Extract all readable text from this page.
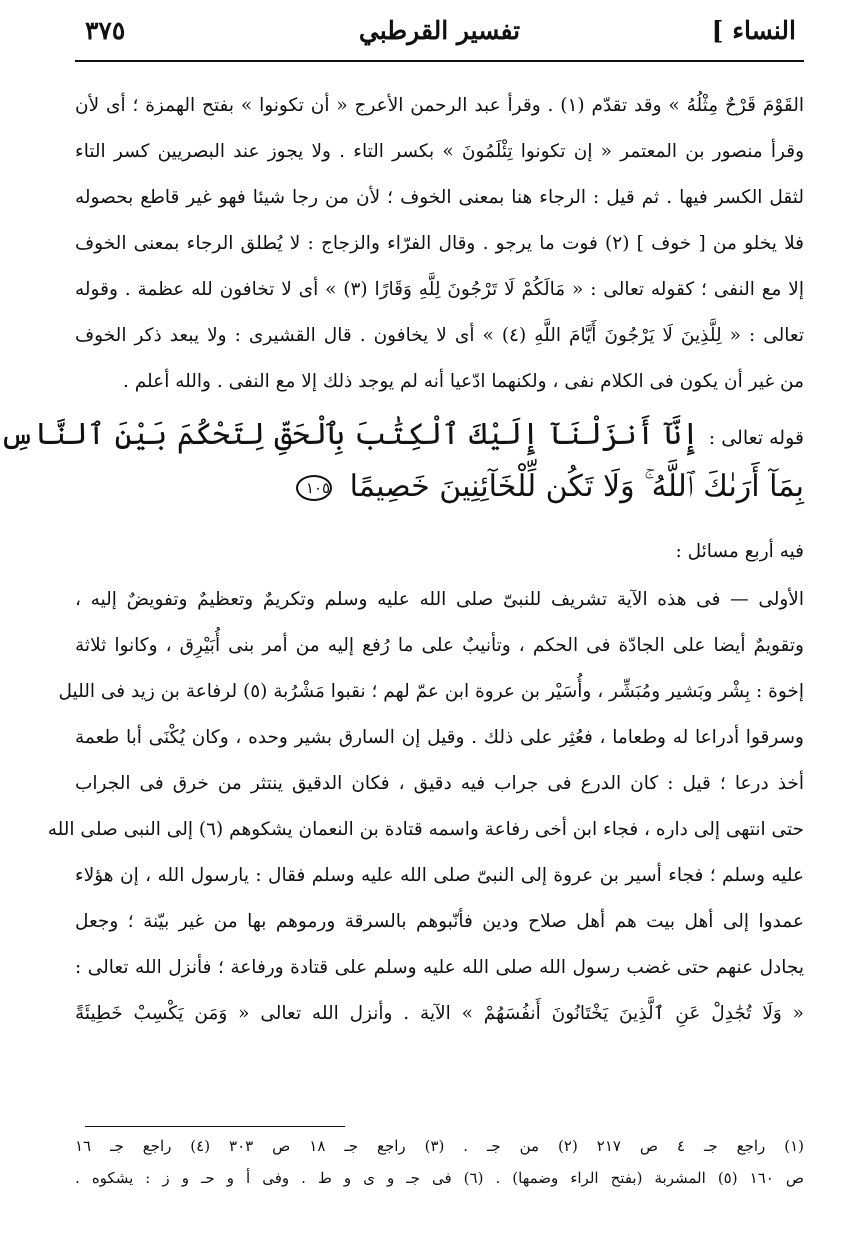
النساء ]
تفسير القرطبي
٣٧٥

القَوْمَ قَرْحٌ مِثْلُهُ » وقد تقدّم (١) . وقرأ عبد الرحمن الأعرج « أن تكونوا » بفتح الهمزة ؛ أى لأن

وقرأ منصور بن المعتمر « إن تكونوا تِئْلَمُونَ » بكسر التاء . ولا يجوز عند البصريين كسر التاء

لثقل الكسر فيها . ثم قيل : الرجاء هنا بمعنى الخوف ؛ لأن من رجا شيئا فهو غير قاطع بحصوله

فلا يخلو من [ خوف ] (٢) فوت ما يرجو . وقال الفرّاء والزجاج : لا يُطلق الرجاء بمعنى الخوف

إلا مع النفى ؛ كقوله تعالى : « مَالَكُمْ لَا تَرْجُونَ لِلَّهِ وَقَارًا (٣) » أى لا تخافون لله عظمة . وقوله

تعالى : « لِلَّذِينَ لَا يَرْجُونَ أَيَّامَ اللَّهِ (٤) » أى لا يخافون . قال القشيرى : ولا يبعد ذكر الخوف

من غير أن يكون فى الكلام نفى ، ولكنهما ادّعيا أنه لم يوجد ذلك إلا مع النفى . والله أعلم .

قوله تعالى : إِنَّآ أَنزَلْنَآ إِلَيْكَ ٱلْكِتَٰبَ بِٱلْحَقِّ لِتَحْكُمَ بَيْنَ ٱلنَّاسِ
بِمَآ أَرَىٰكَ ٱللَّهُ ۚ وَلَا تَكُن لِّلْخَآئِنِينَ خَصِيمًا ١٠٥
فيه أربع مسائل :

الأولى — فى هذه الآية تشريف للنبىّ صلى الله عليه وسلم وتكريمٌ وتعظيمٌ وتفويضٌ إليه ،

وتقويمٌ أيضا على الجادّة فى الحكم ، وتأنيبٌ على ما رُفع إليه من أمر بنى أُبَيْرِق ، وكانوا ثلاثة

إخوة : بِشْر وبَشير ومُبَشِّر ، وأُسَيْر بن عروة ابن عمّ لهم ؛ نقبوا مَشْرُبة (٥) لرفاعة بن زيد فى الليل

وسرقوا أدراعا له وطعاما ، فعُثِر على ذلك . وقيل إن السارق بشير وحده ، وكان يُكْنَى أبا طعمة

أخذ درعا ؛ قيل : كان الدرع فى جراب فيه دقيق ، فكان الدقيق ينتثر من خرق فى الجراب

حتى انتهى إلى داره ، فجاء ابن أخى رفاعة واسمه قتادة بن النعمان يشكوهم (٦) إلى النبى صلى الله

عليه وسلم ؛ فجاء أسير بن عروة إلى النبىّ صلى الله عليه وسلم فقال : يارسول الله ، إن هؤلاء

عمدوا إلى أهل بيت هم أهل صلاح ودين فأنّبوهم بالسرقة ورموهم بها من غير بيّنة ؛ وجعل

يجادل عنهم حتى غضب رسول الله صلى الله عليه وسلم على قتادة ورفاعة ؛ فأنزل الله تعالى :

« وَلَا تُجَٰدِلْ عَنِ ٱلَّذِينَ يَخْتَانُونَ أَنفُسَهُمْ » الآية . وأنزل الله تعالى « وَمَن يَكْسِبْ خَطِيئَةً

(١) راجع جـ ٤ ص ٢١٧ (٢) من جـ . (٣) راجع جـ ١٨ ص ٣٠٣ (٤) راجع جـ ١٦

ص ١٦٠ (٥) المشربة (بفتح الراء وضمها) . (٦) فى جـ و ى و ط . وفى أ و حـ و ز : يشكوه .
